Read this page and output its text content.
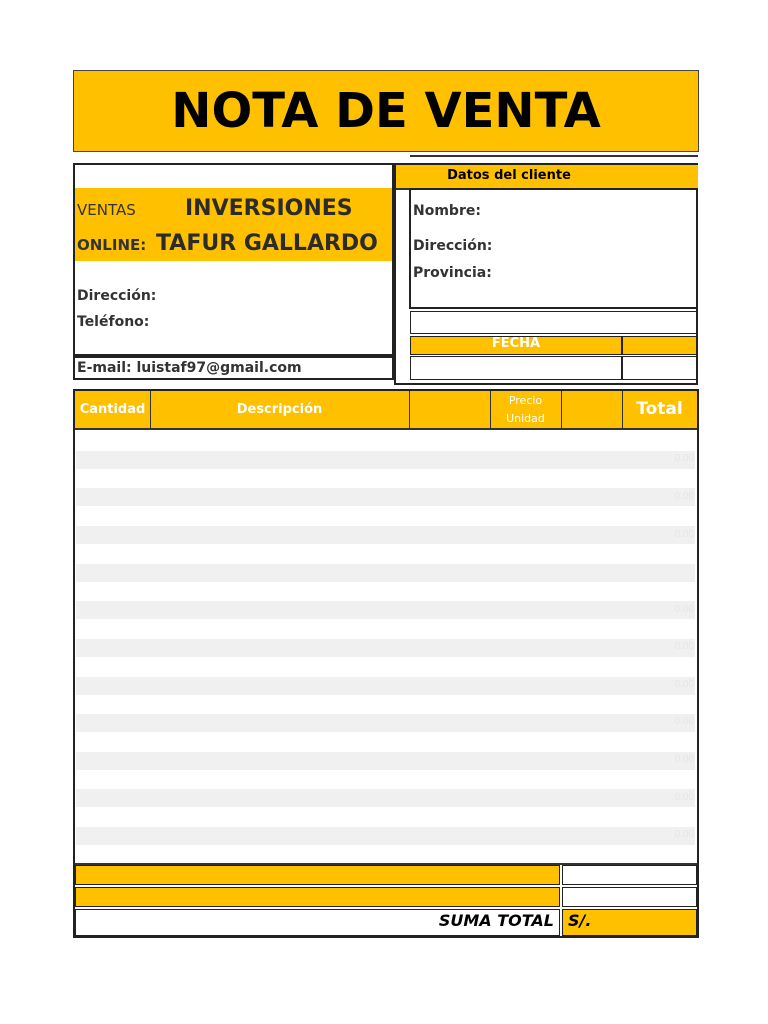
NOTA DE VENTA
VENTAS
ONLINE:
INVERSIONES
TAFUR GALLARDO
Dirección:
Teléfono:
E-mail: luistaf97@gmail.com
Datos del cliente
Nombre:
Dirección:
Provincia:
FECHA
Cantidad	Descripción
Precio
Unidad	Total
0.00
0.00
0.00
0.00
0.00
0.00
0.00
0.00
0.00
0.00
SUMA TOTAL S/.
